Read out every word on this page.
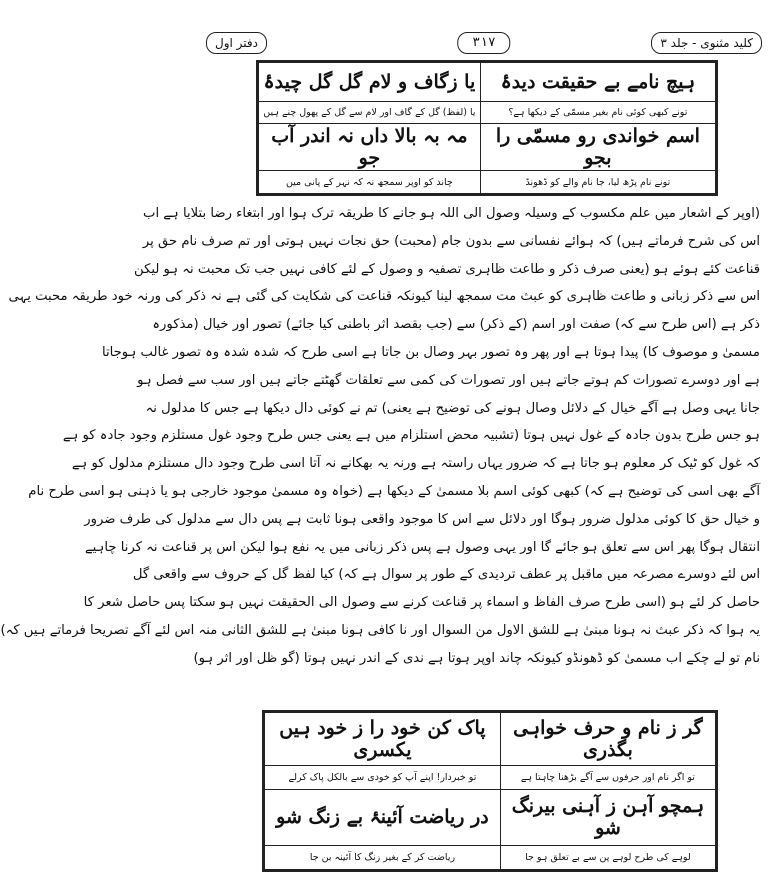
کلید مثنوی - جلد ۳
۳۱۷
دفتر اول
ہیچ نامے بے حقیقت دیدۂ	یا زگاف و لام گل گل چیدۂ
تونے کبھی کوئی نام بغیر مسمّی کے دیکھا ہے؟	یا (لفظ) گل کے گاف اور لام سے گل کے پھول چنے ہیں
اسم خواندی رو مسمّی را بجو	مہ بہ بالا داں نہ اندر آب جو
تونے نام پڑھ لیا، جا نام والے کو ڈھونڈ	چاند کو اوپر سمجھ نہ کہ نہر کے پانی میں

(اوپر کے اشعار میں علم مکسوب کے وسیلہ وصول الی اللہ ہو جانے کا طریقہ ترک ہوا اور ابتغاء رضا بتلایا ہے اب

اس کی شرح فرماتے ہیں) کہ ہوائے نفسانی سے بدون جام (محبت) حق نجات نہیں ہوتی اور تم صرف نام حق پر

قناعت کئے ہوئے ہو (یعنی صرف ذکر و طاعت ظاہری تصفیہ و وصول کے لئے کافی نہیں جب تک محبت نہ ہو لیکن

اس سے ذکر زبانی و طاعت ظاہری کو عبث مت سمجھ لینا کیونکہ قناعت کی شکایت کی گئی ہے نہ ذکر کی ورنہ خود طریقہ محبت یہی

ذکر ہے (اس طرح سے کہ) صفت اور اسم (کے ذکر) سے (جب بقصد اثر باطنی کیا جائے) تصور اور خیال (مذکورہ

مسمیٰ و موصوف کا) پیدا ہوتا ہے اور پھر وہ تصور بہر وصال بن جاتا ہے اسی طرح کہ شدہ شدہ وہ تصور غالب ہوجاتا

ہے اور دوسرے تصورات کم ہوتے جاتے ہیں اور تصورات کی کمی سے تعلقات گھٹتے جاتے ہیں اور سب سے فصل ہو

جانا یہی وصل ہے آگے خیال کے دلائل وصال ہونے کی توضیح ہے یعنی) تم نے کوئی دال دیکھا ہے جس کا مدلول نہ

ہو جس طرح بدون جادہ کے غول نہیں ہوتا (تشبیہ محض استلزام میں ہے یعنی جس طرح وجود غول مستلزم وجود جادہ کو ہے

کہ غول کو ٹیک کر معلوم ہو جاتا ہے کہ ضرور یہاں راستہ ہے ورنہ یہ بھکانے نہ آتا اسی طرح وجود دال مستلزم مدلول کو ہے

آگے بھی اسی کی توضیح ہے کہ) کبھی کوئی اسم بلا مسمیٰ کے دیکھا ہے (خواہ وہ مسمیٰ موجود خارجی ہو یا ذہنی ہو اسی طرح نام

و خیال حق کا کوئی مدلول ضرور ہوگا اور دلائل سے اس کا موجود واقعی ہونا ثابت ہے پس دال سے مدلول کی طرف ضرور

انتقال ہوگا پھر اس سے تعلق ہو جائے گا اور یہی وصول ہے پس ذکر زبانی میں یہ نفع ہوا لیکن اس پر قناعت نہ کرنا چاہیے

اس لئے دوسرے مصرعہ میں ماقبل پر عطف تردیدی کے طور پر سوال ہے کہ) کیا لفظ گل کے حروف سے واقعی گل

حاصل کر لئے ہو (اسی طرح صرف الفاظ و اسماء پر قناعت کرنے سے وصول الی الحقیقت نہیں ہو سکتا پس حاصل شعر کا

یہ ہوا کہ ذکر عبث نہ ہونا مبنیٰ ہے للشق الاول من السوال اور نا کافی ہونا مبنیٰ ہے للشق الثانی منہ اس لئے آگے تصریحا فرماتے ہیں کہ)

نام تو لے چکے اب مسمیٰ کو ڈھونڈو کیونکہ چاند اوپر ہوتا ہے ندی کے اندر نہیں ہوتا (گو ظل اور اثر ہو)

گر ز نام و حرف خواہی بگذری	پاک کن خود را ز خود ہیں یکسری
تو اگر نام اور حرفوں سے آگے بڑھنا چاہتا ہے	تو خبردار! اپنے آپ کو خودی سے بالکل پاک کرلے
ہمچو آہن ز آہنی بیرنگ شو	در ریاضت آئینۂ بے زنگ شو
لوہے کی طرح لوہے پن سے بے تعلق ہو جا	ریاضت کر کے بغیر زنگ کا آئینہ بن جا
